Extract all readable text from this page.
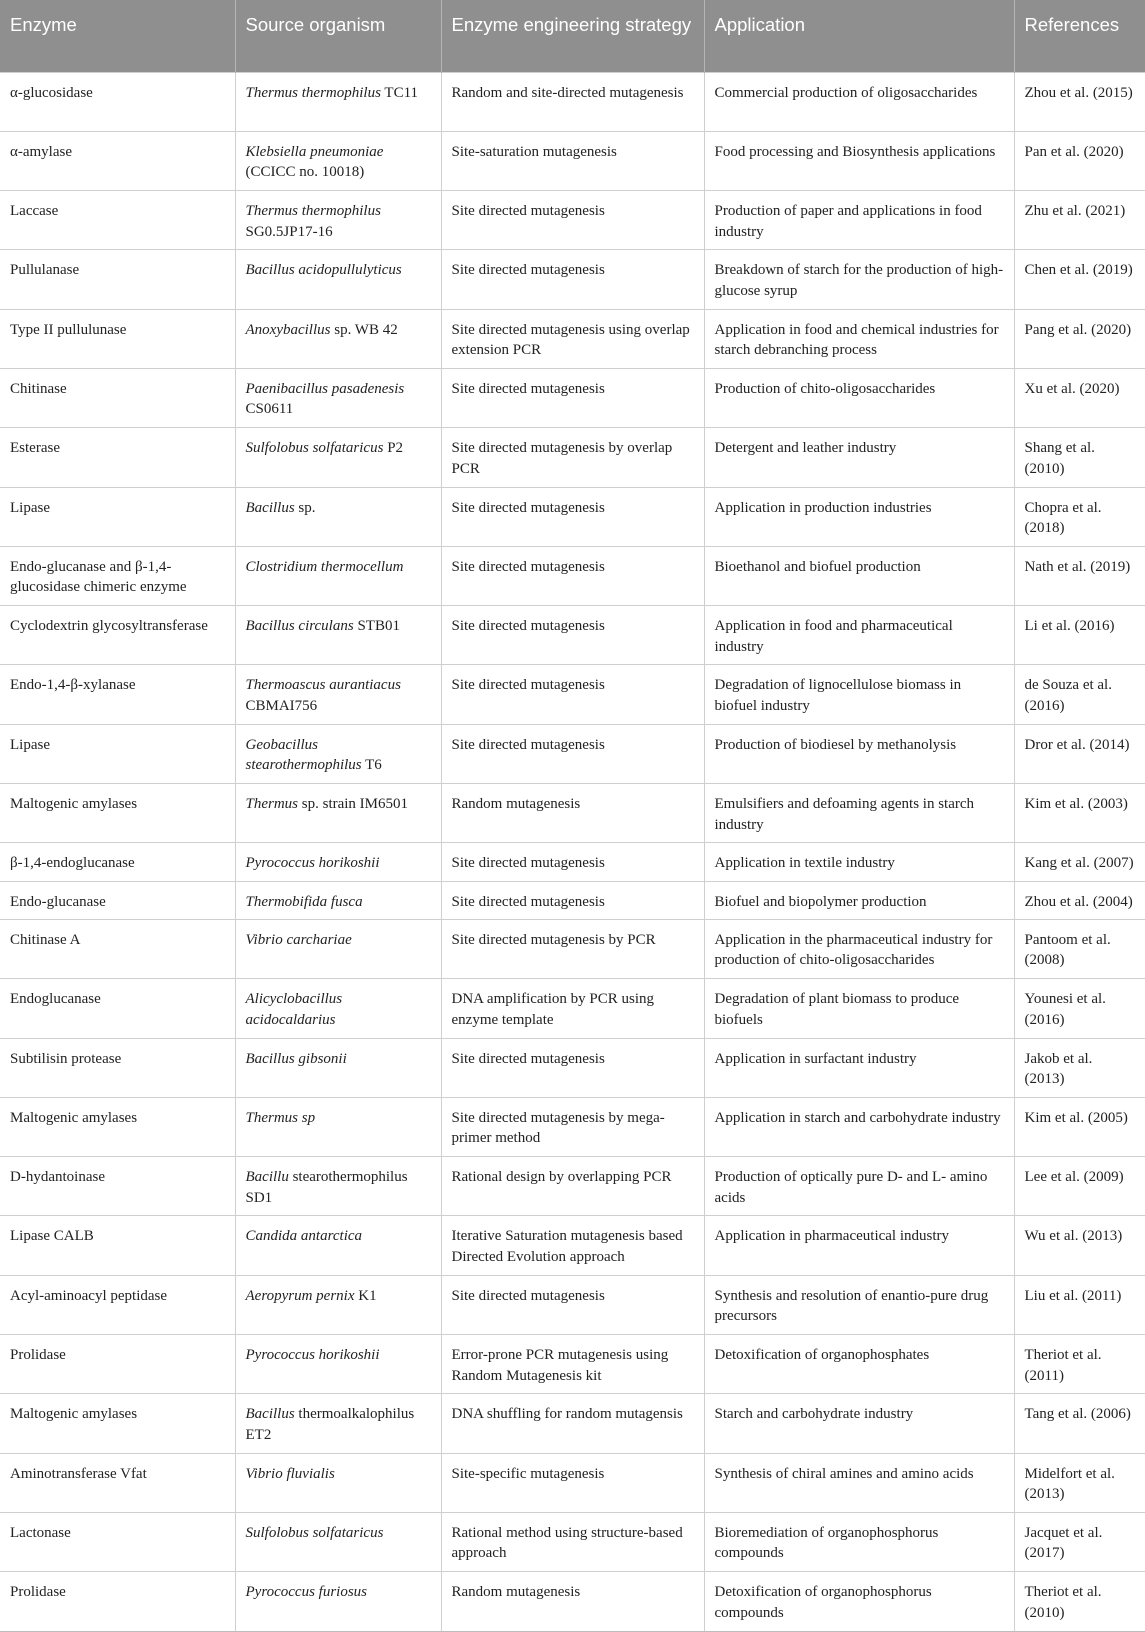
Enzyme	Source organism	Enzyme engineering strategy	Application	References
α-glucosidase	Thermus thermophilus TC11	Random and site-directed mutagenesis	Commercial production of oligosaccharides	Zhou et al. (2015)
α-amylase	Klebsiella pneumoniae (CCICC no. 10018)	Site-saturation mutagenesis	Food processing and Biosynthesis applications	Pan et al. (2020)
Laccase	Thermus thermophilus SG0.5JP17-16	Site directed mutagenesis	Production of paper and applications in food industry	Zhu et al. (2021)
Pullulanase	Bacillus acidopullulyticus	Site directed mutagenesis	Breakdown of starch for the production of high-glucose syrup	Chen et al. (2019)
Type II pullulunase	Anoxybacillus sp. WB 42	Site directed mutagenesis using overlap extension PCR	Application in food and chemical industries for starch debranching process	Pang et al. (2020)
Chitinase	Paenibacillus pasadenesis CS0611	Site directed mutagenesis	Production of chito-oligosaccharides	Xu et al. (2020)
Esterase	Sulfolobus solfataricus P2	Site directed mutagenesis by overlap PCR	Detergent and leather industry	Shang et al. (2010)
Lipase	Bacillus sp.	Site directed mutagenesis	Application in production industries	Chopra et al. (2018)
Endo-glucanase and β-1,4-glucosidase chimeric enzyme	Clostridium thermocellum	Site directed mutagenesis	Bioethanol and biofuel production	Nath et al. (2019)
Cyclodextrin glycosyltransferase	Bacillus circulans STB01	Site directed mutagenesis	Application in food and pharmaceutical industry	Li et al. (2016)
Endo-1,4-β-xylanase	Thermoascus aurantiacus CBMAI756	Site directed mutagenesis	Degradation of lignocellulose biomass in biofuel industry	de Souza et al. (2016)
Lipase	Geobacillus stearothermophilus T6	Site directed mutagenesis	Production of biodiesel by methanolysis	Dror et al. (2014)
Maltogenic amylases	Thermus sp. strain IM6501	Random mutagenesis	Emulsifiers and defoaming agents in starch industry	Kim et al. (2003)
β-1,4-endoglucanase	Pyrococcus horikoshii	Site directed mutagenesis	Application in textile industry	Kang et al. (2007)
Endo-glucanase	Thermobifida fusca	Site directed mutagenesis	Biofuel and biopolymer production	Zhou et al. (2004)
Chitinase A	Vibrio carchariae	Site directed mutagenesis by PCR	Application in the pharmaceutical industry for production of chito-oligosaccharides	Pantoom et al. (2008)
Endoglucanase	Alicyclobacillus acidocaldarius	DNA amplification by PCR using enzyme template	Degradation of plant biomass to produce biofuels	Younesi et al. (2016)
Subtilisin protease	Bacillus gibsonii	Site directed mutagenesis	Application in surfactant industry	Jakob et al. (2013)
Maltogenic amylases	Thermus sp	Site directed mutagenesis by mega-primer method	Application in starch and carbohydrate industry	Kim et al. (2005)
D-hydantoinase	Bacillu stearothermophilus SD1	Rational design by overlapping PCR	Production of optically pure D- and L- amino acids	Lee et al. (2009)
Lipase CALB	Candida antarctica	Iterative Saturation mutagenesis based Directed Evolution approach	Application in pharmaceutical industry	Wu et al. (2013)
Acyl-aminoacyl peptidase	Aeropyrum pernix K1	Site directed mutagenesis	Synthesis and resolution of enantio-pure drug precursors	Liu et al. (2011)
Prolidase	Pyrococcus horikoshii	Error-prone PCR mutagenesis using Random Mutagenesis kit	Detoxification of organophosphates	Theriot et al. (2011)
Maltogenic amylases	Bacillus thermoalkalophilus ET2	DNA shuffling for random mutagensis	Starch and carbohydrate industry	Tang et al. (2006)
Aminotransferase Vfat	Vibrio fluvialis	Site-specific mutagenesis	Synthesis of chiral amines and amino acids	Midelfort et al. (2013)
Lactonase	Sulfolobus solfataricus	Rational method using structure-based approach	Bioremediation of organophosphorus compounds	Jacquet et al. (2017)
Prolidase	Pyrococcus furiosus	Random mutagenesis	Detoxification of organophosphorus compounds	Theriot et al. (2010)
